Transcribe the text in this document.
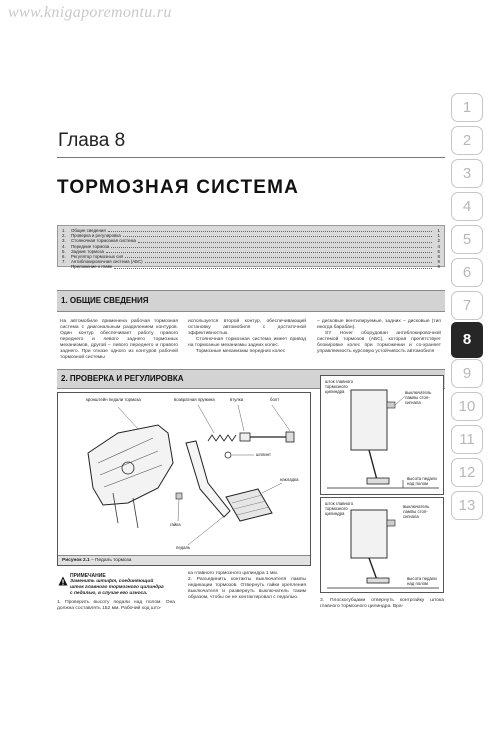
www.kniga​poremontu.ru
Глава 8
ТОРМОЗНАЯ СИСТЕМА
1.	Общие сведения	1
2.	Проверка и регулировка	1
3.	Стояночная тормозная система	2
4.	Передние тормоза	4
5.	Задние тормоза	6
6.	Регулятор тормозных сил	8
7.	Антиблокировочная система (АБС)	9
Приложение к главе	9
1. ОБЩИЕ СВЕДЕНИЯ
На автомобиле применена рабочая тормозная система с диагональным разделением контуров. Один контур обеспечивает работу правого переднего и левого заднего тормозных механизмов, другой – левого переднего и правого заднего. При отказе одного из контуров рабочей тормозной системы
используется второй контур, обеспечивающий остановку автомобиля с достаточной эффективностью.
Стояночная тормозная система имеет привод на тормозные механизмы задних колес.
Тормозные механизмы передних колес
– дисковые вентилируемые, задних – дисковые (тип иногда барабан).
SY Hover оборудован антиблокировочной системой тормозов (АБС), которая препятствует блокировке колес при торможении и со-храняет управляемость курсовую устойчивость автомобиля
2. ПРОВЕРКА И РЕГУЛИРОВКА
кронштейн педали тормоза	возвратная пружина	втулка	болт
шплинт
накладка
гайка
педаль
Рисунок 2.1 – Педаль тормоза
шток главного тормозного цилиндра	выключатель лампы стоп-сигнала
высота педали над полом
шток главного тормозного цилиндра
выключатель лампы стоп-сигнала
высота педали над полом
ПРИМЕЧАНИЕ
Заменить штифт, соединяющий шток главного тормозного цилиндра с педалью, в случае его износа.
1. Проверить высоту педали над полом. Она должна составлять 152 мм. Рабочий ход што-
ка главного тормозного цилиндра 1 мм.
2. Разъединить контакты выключателя лампы индикации тормозов. Отвернуть гайки крепления выключателя и развернуть выключатель таким образом, чтобы он не контактировал с педалью.
3. Плоскогубцами отвернуть контргайку штока главного тормозного цилиндра. Вра-
1
2
3
4
5
6
7
8
9
10
11
12
13
